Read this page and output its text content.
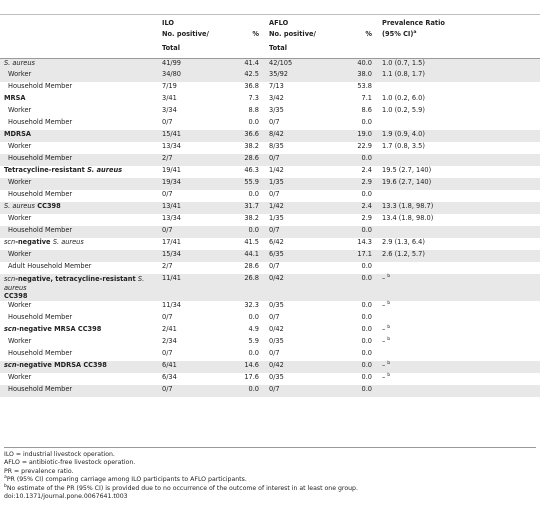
	ILO		AFLO		Prevalence Ratio
	No. positive/	%	No. positive/	%	(95% CI)$^a$
	Total		Total		
S. aureus	41/99	41.4	42/105	40.0	1.0 (0.7, 1.5)
Worker	34/80	42.5	35/92	38.0	1.1 (0.8, 1.7)
Household Member	7/19	36.8	7/13	53.8	
MRSA	3/41	7.3	3/42	7.1	1.0 (0.2, 6.0)
Worker	3/34	8.8	3/35	8.6	1.0 (0.2, 5.9)
Household Member	0/7	0.0	0/7	0.0	
MDRSA	15/41	36.6	8/42	19.0	1.9 (0.9, 4.0)
Worker	13/34	38.2	8/35	22.9	1.7 (0.8, 3.5)
Household Member	2/7	28.6	0/7	0.0	
Tetracycline-resistant S. aureus	19/41	46.3	1/42	2.4	19.5 (2.7, 140)
Worker	19/34	55.9	1/35	2.9	19.6 (2.7, 140)
Household Member	0/7	0.0	0/7	0.0	
S. aureus CC398	13/41	31.7	1/42	2.4	13.3 (1.8, 98.7)
Worker	13/34	38.2	1/35	2.9	13.4 (1.8, 98.0)
Household Member	0/7	0.0	0/7	0.0	
scn-negative S. aureus	17/41	41.5	6/42	14.3	2.9 (1.3, 6.4)
Worker	15/34	44.1	6/35	17.1	2.6 (1.2, 5.7)
Adult Household Member	2/7	28.6	0/7	0.0	
scn-negative, tetracycline-resistant S. aureus
CC398	11/41	26.8	0/42	0.0	– $^b$
Worker	11/34	32.3	0/35	0.0	– $^b$
Household Member	0/7	0.0	0/7	0.0	
scn-negative MRSA CC398	2/41	4.9	0/42	0.0	– $^b$
Worker	2/34	5.9	0/35	0.0	– $^b$
Household Member	0/7	0.0	0/7	0.0	
scn-negative MDRSA CC398	6/41	14.6	0/42	0.0	– $^b$
Worker	6/34	17.6	0/35	0.0	– $^b$
Household Member	0/7	0.0	0/7	0.0	
ILO = industrial livestock operation.
AFLO = antibiotic-free livestock operation.
PR = prevalence ratio.
$^a$PR (95% CI) comparing carriage among ILO participants to AFLO participants.
$^b$No estimate of the PR (95% CI) is provided due to no occurrence of the outcome of interest in at least one group.
doi:10.1371/journal.pone.0067641.t003
